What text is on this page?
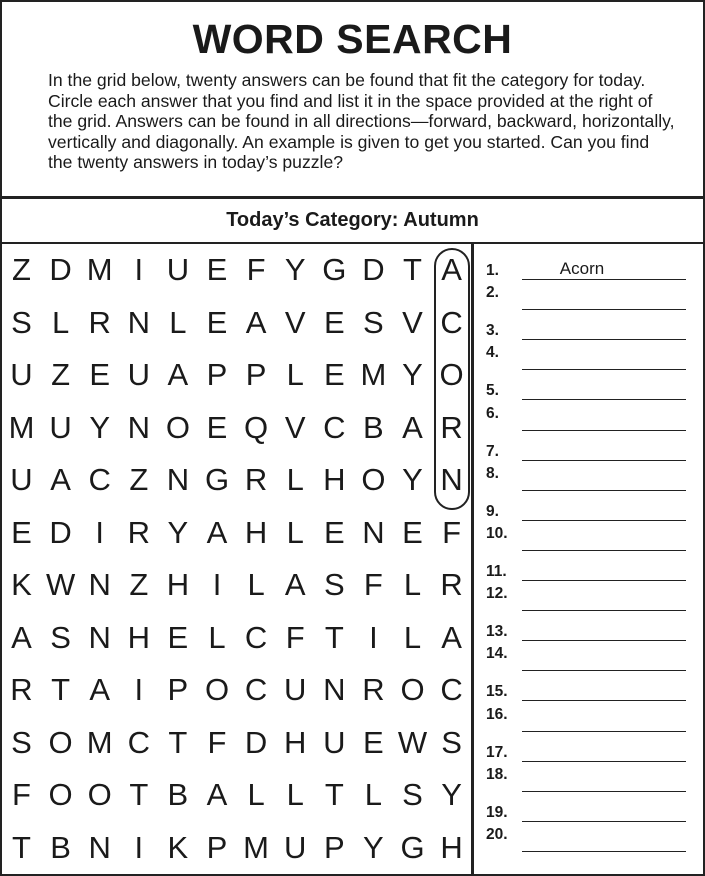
WORD SEARCH
In the grid below, twenty answers can be found that fit the category for today. Circle each answer that you find and list it in the space provided at the right of the grid. Answers can be found in all directions—forward, backward, horizontally, vertically and diagonally. An example is given to get you started. Can you find the twenty answers in today’s puzzle?
Today’s Category: Autumn
Z D M I U E F Y G D T A
S L R N L E A V E S V C
U Z E U A P P L E M Y O
M U Y N O E Q V C B A R
U A C Z N G R L H O Y N
E D I R Y A H L E N E F
K W N Z H I L A S F L R
A S N H E L C F T I L A
R T A I P O C U N R O C
S O M C T F D H U E W S
F O O T B A L L T L S Y
T B N I K P M U P Y G H
1.	Acorn
2.
3.
4.
5.
6.
7.
8.
9.
10.
11.
12.
13.
14.
15.
16.
17.
18.
19.
20.
